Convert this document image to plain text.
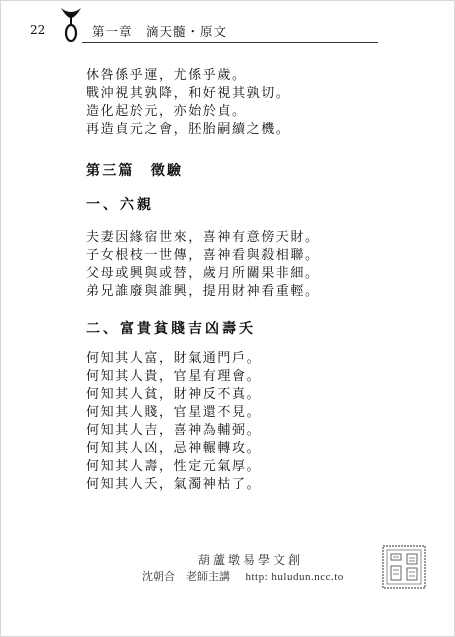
22	第一章　滴天髓・原文
休咎係乎運，尤係乎歲。
戰沖視其孰降，和好視其孰切。
造化起於元，亦始於貞。
再造貞元之會，胚胎嗣續之機。
第三篇　徵驗
一、六親
夫妻因緣宿世來，喜神有意傍天財。
子女根枝一世傳，喜神看與殺相聯。
父母或興與或替，歲月所關果非細。
弟兄誰廢與誰興，提用財神看重輕。
二、富貴貧賤吉凶壽夭
何知其人富，財氣通門戶。
何知其人貴，官星有理會。
何知其人貧，財神反不真。
何知其人賤，官星還不見。
何知其人吉，喜神為輔弼。
何知其人凶，忌神輾轉攻。
何知其人壽，性定元氣厚。
何知其人夭，氣濁神枯了。
葫蘆墩易學文創
沈朝合　老師主講 http: huludun.ncc.to
